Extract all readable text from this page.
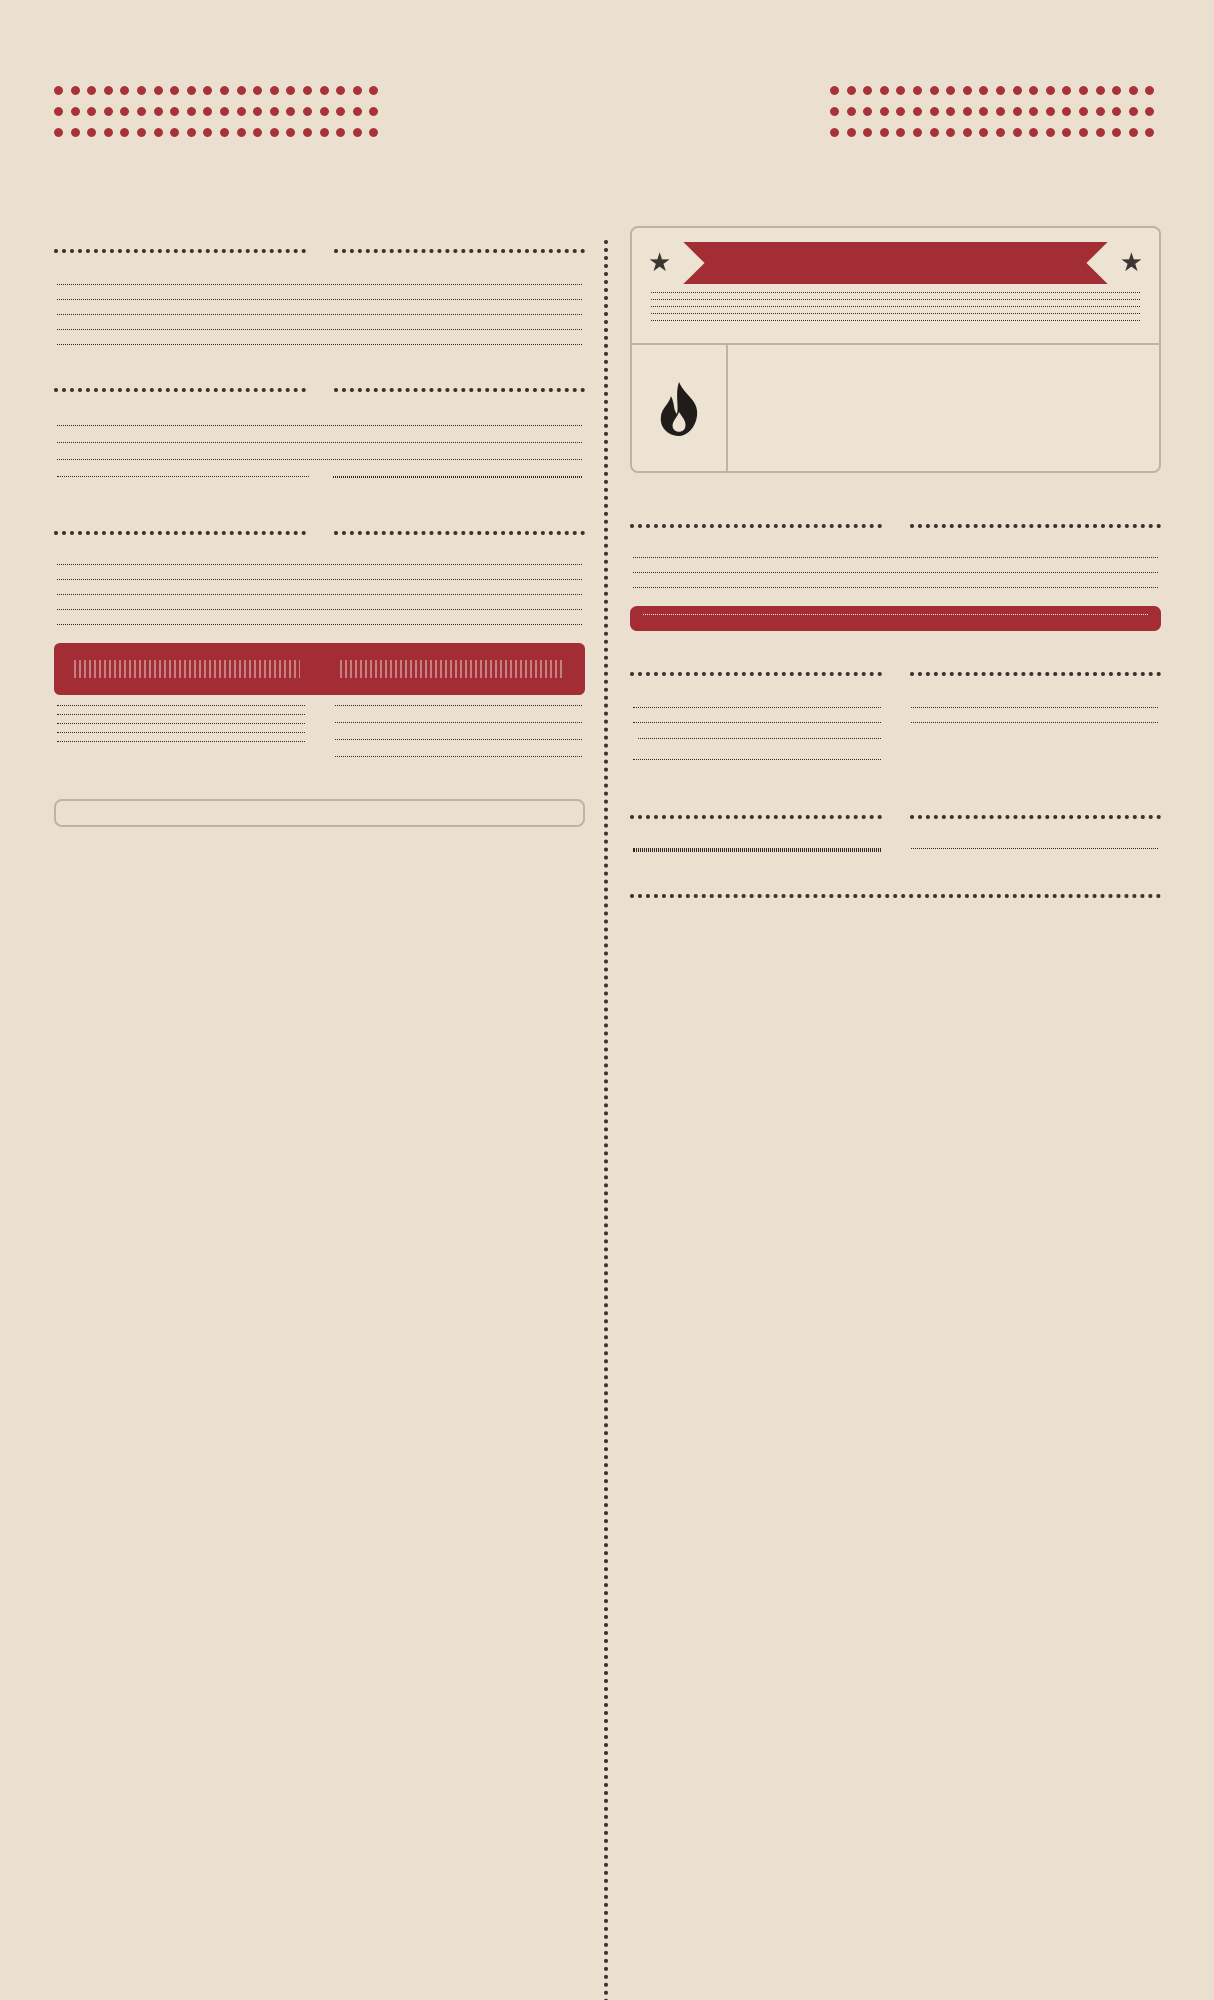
★	★
